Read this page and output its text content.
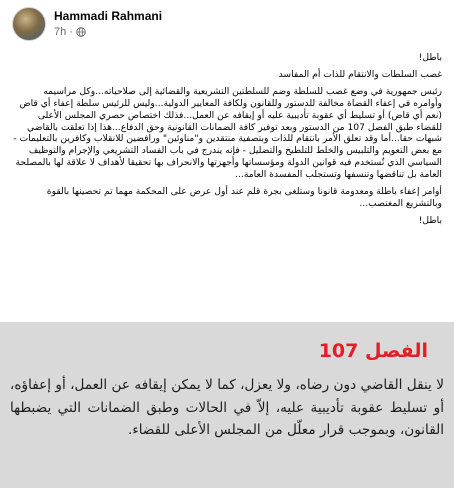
Hammadi Rahmani
7h ·

باطل!

غصب السلطات والانتقام للذات أم المفاسد

رئيس جمهورية في وضع غصب للسلطة وضم للسلطتين التشريعية والقضائية إلى صلاحياته...وكل مراسيمه وأوامره في إعفاء القضاة مخالفة للدستور وللقانون ولكافة المعايير الدولية...وليس للرئيس سلطة إعفاء أي قاض (نعم أي قاض) أو تسليط أي عقوبة تأديبية عليه أو إيقافه عن العمل...فذلك اختصاص حصري المجلس الأعلى للقضاء طبق الفصل 107 من الدستور وبعد توفير كافة الضمانات القانونية وحق الدفاع...هذا إذا تعلقت بالقاضي شبهات حقا...أما وقد تعلق الأمر بانتقام للذات وبتصفية منتقدين و"مناوئين" ورافضين للانقلاب وكافرين بالتعليمات - مع بعض التعويم والتلبيس والخلط للتلطيخ والتضليل - فإنه يندرج في باب الفساد التشريعي والإجرام والتوظيف السياسي الذي تُستخدم فيه قوانين الدولة ومؤسساتها وأجهزتها والانحراف بها تحقيقا لأهداف لا علاقة لها بالمصلحة العامة بل تناقضها وتنسفها وتستجلب المفسدة العامة...

أوامر إعفاء باطلة ومعدومة قانونا وستلغى بجرة قلم عند أول عرض على المحكمة مهما تم تحصينها بالقوة وبالتشريع المغتصب...

باطل!

الفصل 107
لا ينقل القاضي دون رضاه، ولا يعزل، كما لا يمكن إيقافه عن العمل، أو إعفاؤه، أو تسليط عقوبة تأديبية عليه، إلاّ في الحالات وطبق الضمانات التي يضبطها القانون، وبموجب قرار معلّل من المجلس الأعلى للقضاء.
